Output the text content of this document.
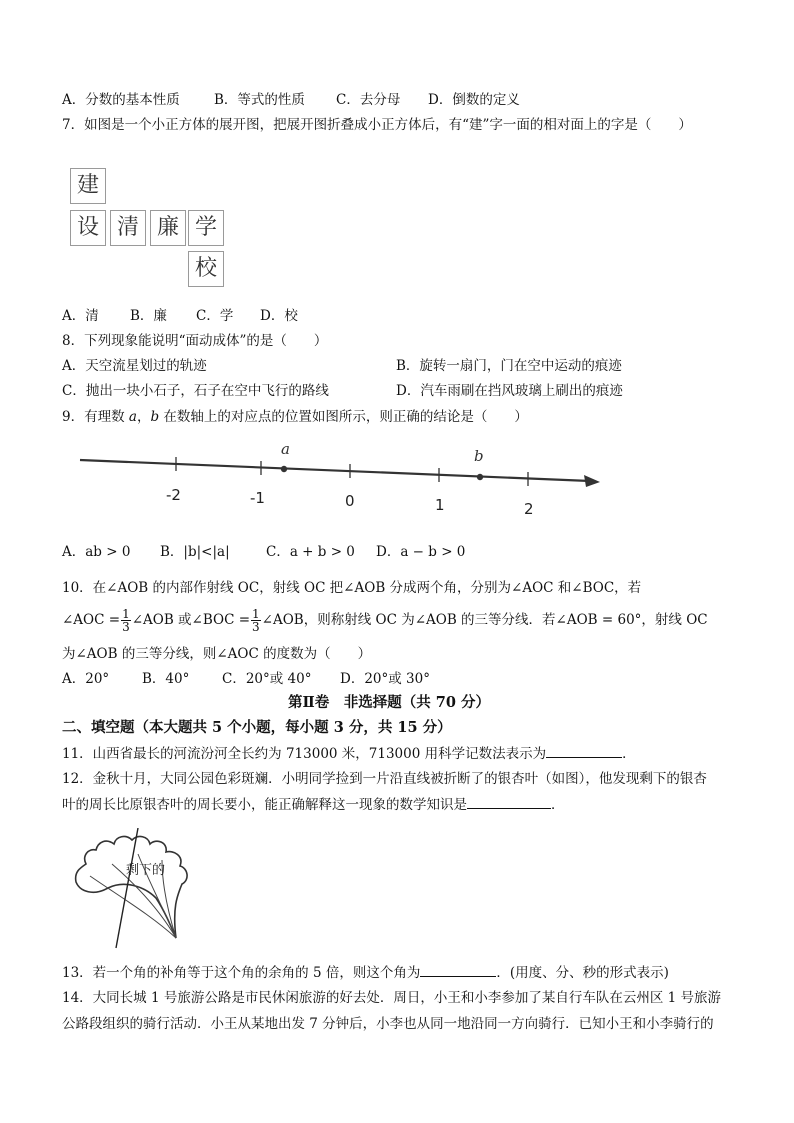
A．分数的基本性质	B．等式的性质 C．去分母 D．倒数的定义
7．如图是一个小正方体的展开图，把展开图折叠成小正方体后，有“建”字一面的相对面上的字是（　　）
建
设 清 廉 学
校
A．清 B．廉 C．学 D．校
8．下列现象能说明“面动成体”的是（　　）
A．天空流星划过的轨迹	B．旋转一扇门，门在空中运动的痕迹
C．抛出一块小石子，石子在空中飞行的路线	D．汽车雨刷在挡风玻璃上刷出的痕迹
9．有理数 a，b 在数轴上的对应点的位置如图所示，则正确的结论是（　　）
a	b
-2	-1	0	1	2
A．ab > 0 B．|b|<|a|	C．a + b > 0 D．a − b > 0
10．在∠AOB 的内部作射线 OC，射线 OC 把∠AOB 分成两个角，分别为∠AOC 和∠BOC，若
∠AOC = $\frac{1}{3}$ ∠AOB 或∠BOC = $\frac{1}{3}$ ∠AOB，则称射线 OC 为∠AOB 的三等分线．若∠AOB = 60°，射线 OC
为∠AOB 的三等分线，则∠AOC 的度数为（　　）
A．20° B．40° C．20°或 40° D．20°或 30°
第Ⅱ卷　非选择题（共 70 分）
二、填空题（本大题共 5 个小题，每小题 3 分，共 15 分）
11．山西省最长的河流汾河全长约为 713000 米，713000 用科学记数法表示为	．
12．金秋十月，大同公园色彩斑斓．小明同学捡到一片沿直线被折断了的银杏叶（如图），他发现剩下的银杏
叶的周长比原银杏叶的周长要小，能正确解释这一现象的数学知识是	．
剩下的
13．若一个角的补角等于这个角的余角的 5 倍，则这个角为	．(用度、分、秒的形式表示)
14．大同长城 1 号旅游公路是市民休闲旅游的好去处．周日，小王和小李参加了某自行车队在云州区 1 号旅游
公路段组织的骑行活动．小王从某地出发 7 分钟后，小李也从同一地沿同一方向骑行．已知小王和小李骑行的
